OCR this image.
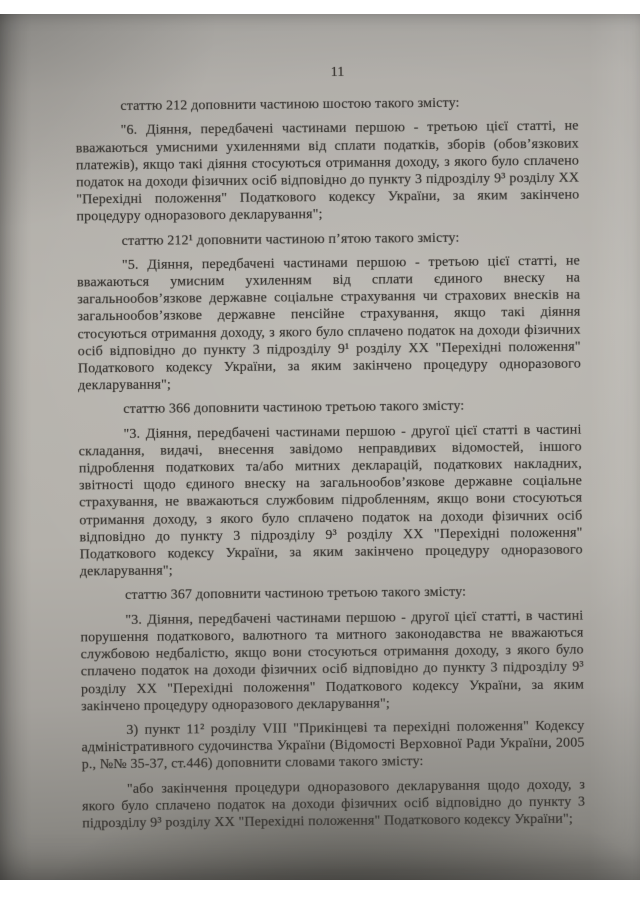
11
статтю 212 доповнити частиною шостою такого змісту:
"6. Діяння, передбачені частинами першою - третьою цієї статті, не вважаються умисними ухиленнями від сплати податків, зборів (обов’язкових платежів), якщо такі діяння стосуються отримання доходу, з якого було сплачено податок на доходи фізичних осіб відповідно до пункту 3 підрозділу 9³ розділу XX "Перехідні положення" Податкового кодексу України, за яким закінчено процедуру одноразового декларування";
статтю 212¹ доповнити частиною п’ятою такого змісту:
"5. Діяння, передбачені частинами першою - третьою цієї статті, не вважаються умисним ухиленням від сплати єдиного внеску на загальнообов’язкове державне соціальне страхування чи страхових внесків на загальнообов’язкове державне пенсійне страхування, якщо такі діяння стосуються отримання доходу, з якого було сплачено податок на доходи фізичних осіб відповідно до пункту 3 підрозділу 9¹ розділу XX "Перехідні положення" Податкового кодексу України, за яким закінчено процедуру одноразового декларування";
статтю 366 доповнити частиною третьою такого змісту:
"3. Діяння, передбачені частинами першою - другої цієї статті в частині складання, видачі, внесення завідомо неправдивих відомостей, іншого підроблення податкових та/або митних декларацій, податкових накладних, звітності щодо єдиного внеску на загальнообов’язкове державне соціальне страхування, не вважаються службовим підробленням, якщо вони стосуються отримання доходу, з якого було сплачено податок на доходи фізичних осіб відповідно до пункту 3 підрозділу 9³ розділу XX "Перехідні положення" Податкового кодексу України, за яким закінчено процедуру одноразового декларування";
статтю 367 доповнити частиною третьою такого змісту:
"3. Діяння, передбачені частинами першою - другої цієї статті, в частині порушення податкового, валютного та митного законодавства не вважаються службовою недбалістю, якщо вони стосуються отримання доходу, з якого було сплачено податок на доходи фізичних осіб відповідно до пункту 3 підрозділу 9³ розділу XX "Перехідні положення" Податкового кодексу України, за яким закінчено процедуру одноразового декларування";
3) пункт 11² розділу VIII "Прикінцеві та перехідні положення" Кодексу адміністративного судочинства України (Відомості Верховної Ради України, 2005 р., №№ 35-37, ст.446) доповнити словами такого змісту:
"або закінчення процедури одноразового декларування щодо доходу, з якого було сплачено податок на доходи фізичних осіб відповідно до пункту 3 підрозділу 9³ розділу XX "Перехідні положення" Податкового кодексу України";
